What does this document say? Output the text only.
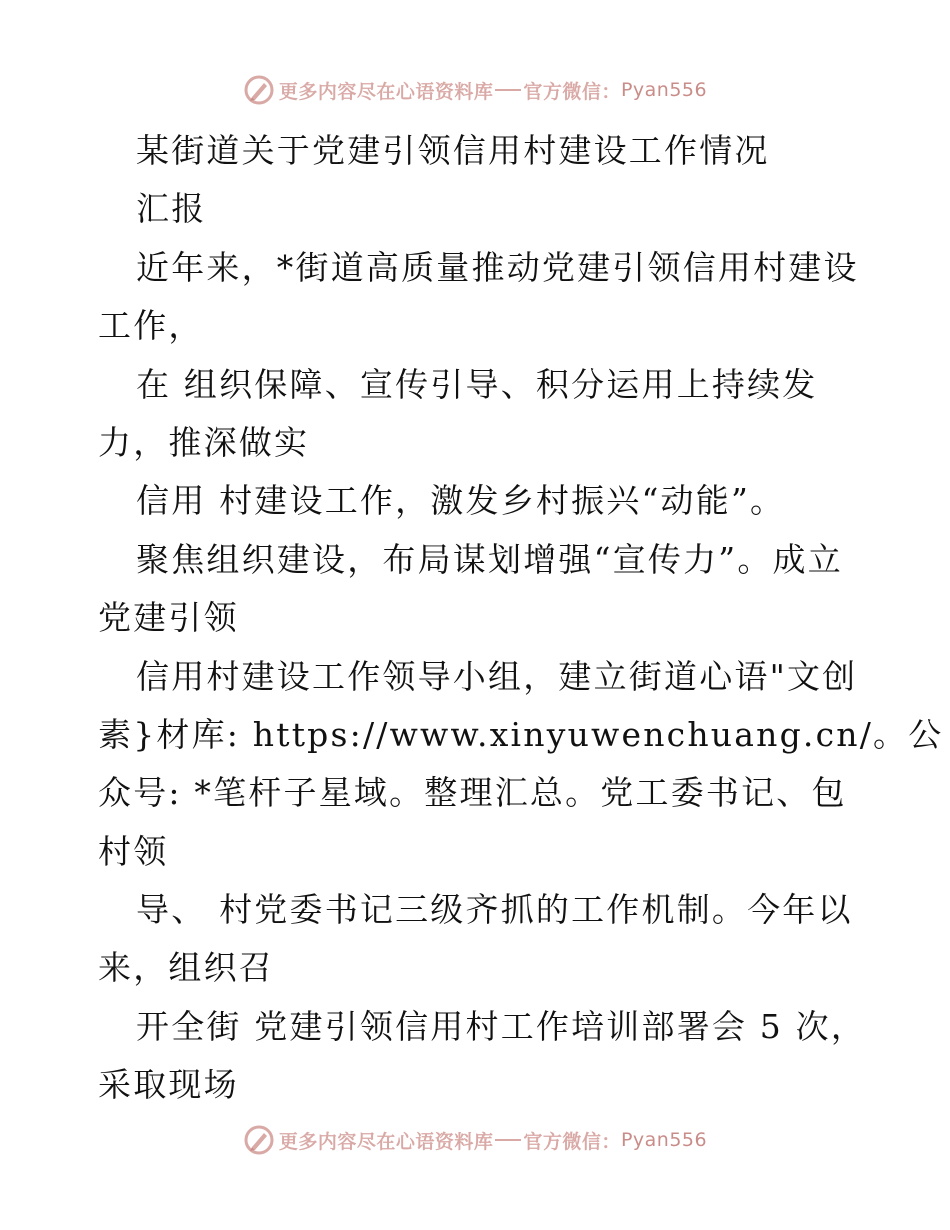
更多内容尽在心语资料库 官方微信： Pyan556
某街道关于党建引领信用村建设工作情况
汇报
近年来，*街道高质量推动党建引领信用村建设
工作，
在 组织保障、宣传引导、积分运用上持续发
力，推深做实
信用 村建设工作，激发乡村振兴“动能”。
聚焦组织建设，布局谋划增强“宣传力”。成立
党建引领
信用村建设工作领导小组，建立街道心语"文创
素}材库: https://www.xinyuwenchuang.cn/。公
众号: *笔杆子星域。整理汇总。党工委书记、包
村领
导、 村党委书记三级齐抓的工作机制。今年以
来，组织召
开全街 党建引领信用村工作培训部署会 5 次，
采取现场
更多内容尽在心语资料库 官方微信： Pyan556
